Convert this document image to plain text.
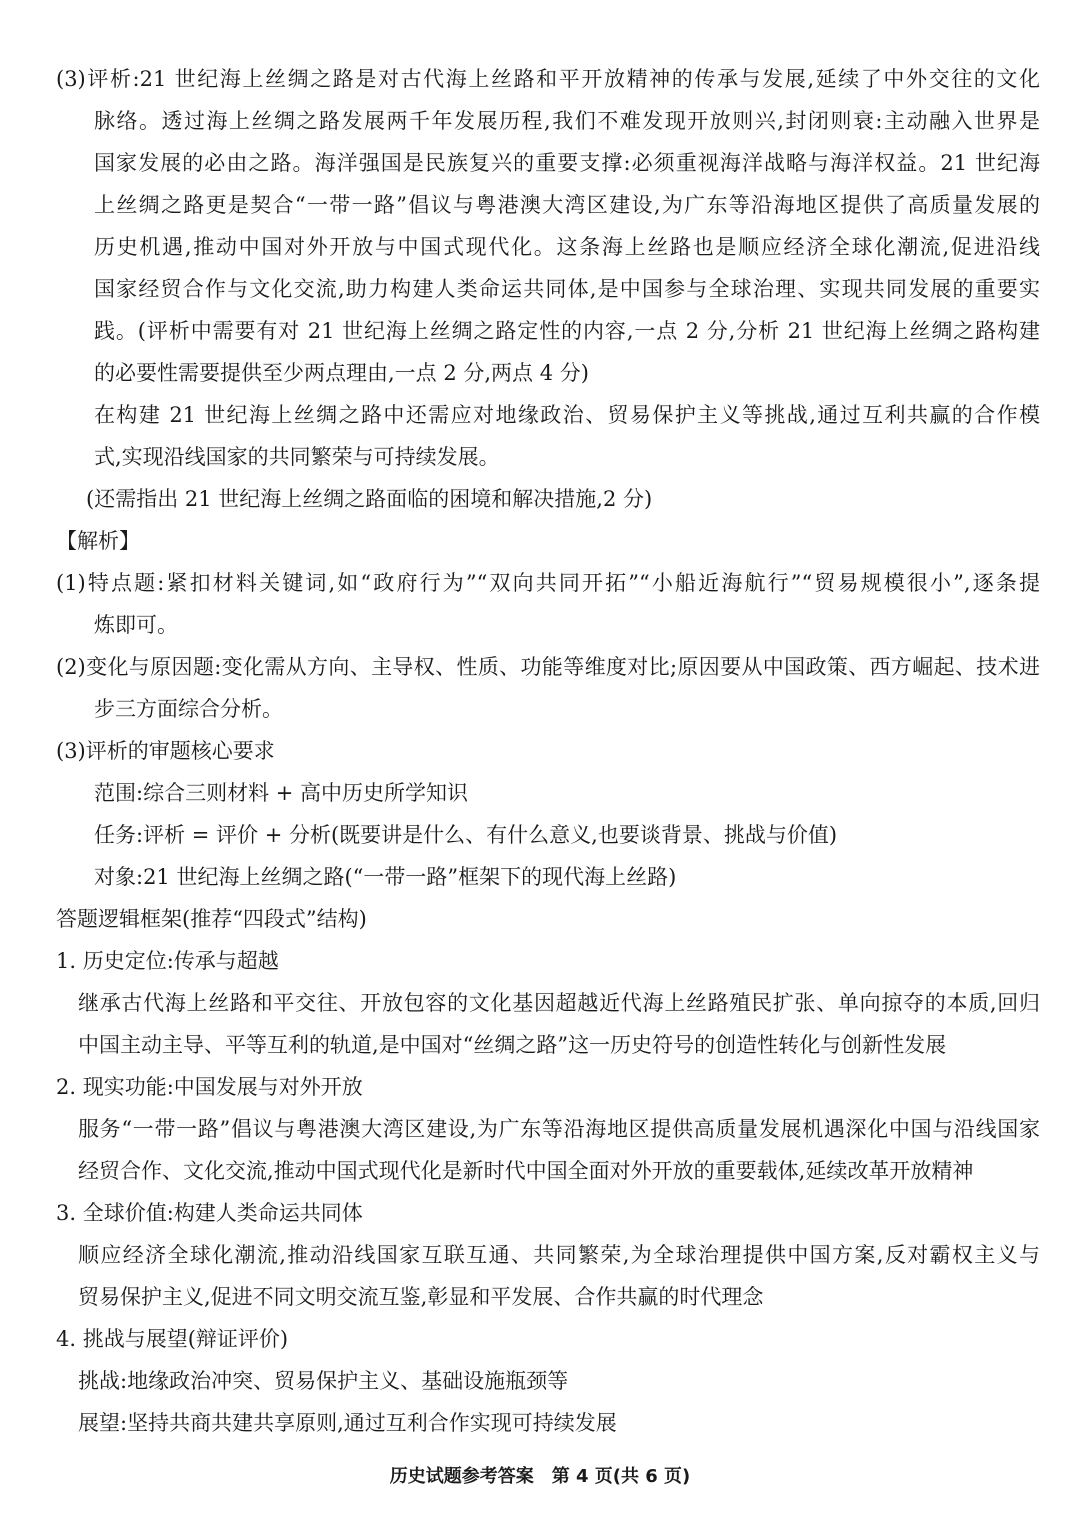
(3)评析:21 世纪海上丝绸之路是对古代海上丝路和平开放精神的传承与发展,延续了中外交往的文化
脉络。透过海上丝绸之路发展两千年发展历程,我们不难发现开放则兴,封闭则衰:主动融入世界是
国家发展的必由之路。海洋强国是民族复兴的重要支撑:必须重视海洋战略与海洋权益。21 世纪海
上丝绸之路更是契合“一带一路”倡议与粤港澳大湾区建设,为广东等沿海地区提供了高质量发展的
历史机遇,推动中国对外开放与中国式现代化。这条海上丝路也是顺应经济全球化潮流,促进沿线
国家经贸合作与文化交流,助力构建人类命运共同体,是中国参与全球治理、实现共同发展的重要实
践。(评析中需要有对 21 世纪海上丝绸之路定性的内容,一点 2 分,分析 21 世纪海上丝绸之路构建
的必要性需要提供至少两点理由,一点 2 分,两点 4 分)
在构建 21 世纪海上丝绸之路中还需应对地缘政治、贸易保护主义等挑战,通过互利共赢的合作模
式,实现沿线国家的共同繁荣与可持续发展。
(还需指出 21 世纪海上丝绸之路面临的困境和解决措施,2 分)
【解析】
(1)特点题:紧扣材料关键词,如“政府行为”“双向共同开拓”“小船近海航行”“贸易规模很小”,逐条提
炼即可。
(2)变化与原因题:变化需从方向、主导权、性质、功能等维度对比;原因要从中国政策、西方崛起、技术进
步三方面综合分析。
(3)评析的审题核心要求
范围:综合三则材料 + 高中历史所学知识
任务:评析 = 评价 + 分析(既要讲是什么、有什么意义,也要谈背景、挑战与价值)
对象:21 世纪海上丝绸之路(“一带一路”框架下的现代海上丝路)
答题逻辑框架(推荐“四段式”结构)
1. 历史定位:传承与超越
继承古代海上丝路和平交往、开放包容的文化基因超越近代海上丝路殖民扩张、单向掠夺的本质,回归
中国主动主导、平等互利的轨道,是中国对“丝绸之路”这一历史符号的创造性转化与创新性发展
2. 现实功能:中国发展与对外开放
服务“一带一路”倡议与粤港澳大湾区建设,为广东等沿海地区提供高质量发展机遇深化中国与沿线国家
经贸合作、文化交流,推动中国式现代化是新时代中国全面对外开放的重要载体,延续改革开放精神
3. 全球价值:构建人类命运共同体
顺应经济全球化潮流,推动沿线国家互联互通、共同繁荣,为全球治理提供中国方案,反对霸权主义与
贸易保护主义,促进不同文明交流互鉴,彰显和平发展、合作共赢的时代理念
4. 挑战与展望(辩证评价)
挑战:地缘政治冲突、贸易保护主义、基础设施瓶颈等
展望:坚持共商共建共享原则,通过互利合作实现可持续发展
历史试题参考答案　第 4 页(共 6 页)
